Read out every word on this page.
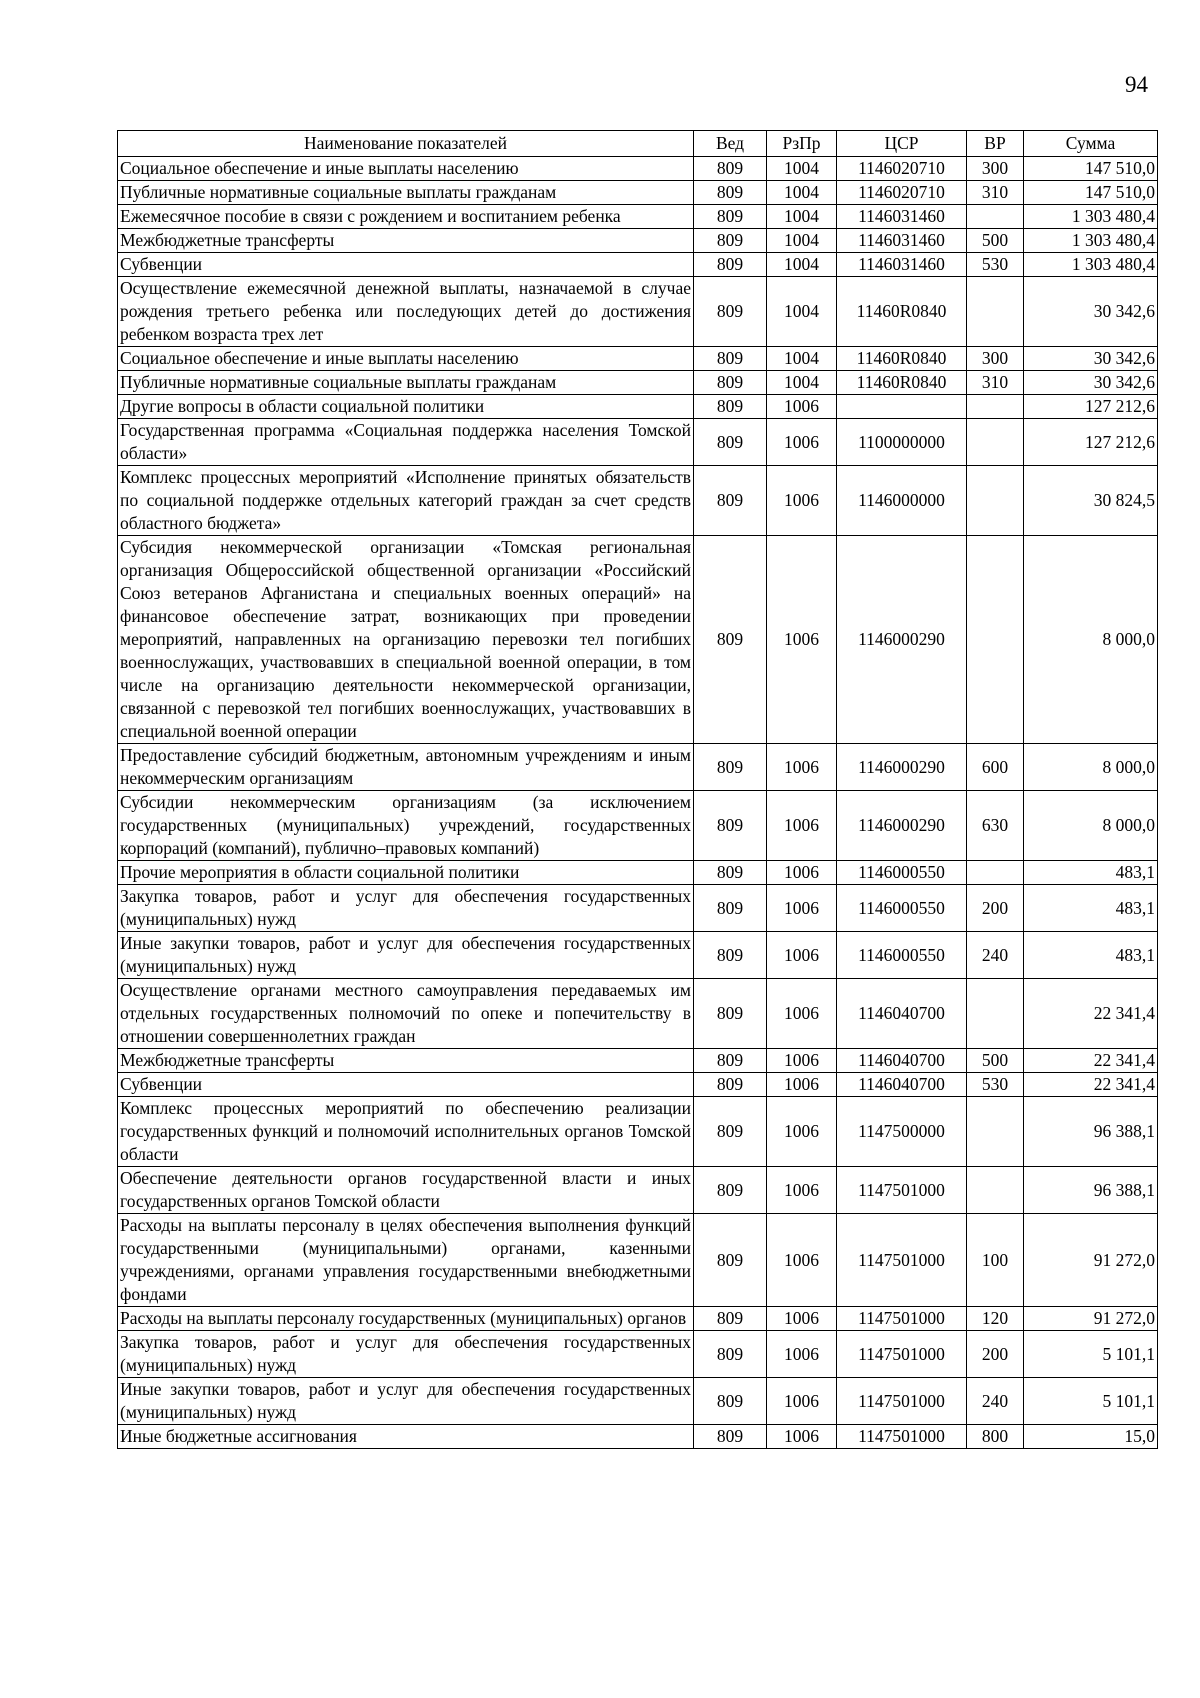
94
Наименование показателей	Вед	РзПр	ЦСР	ВР	Сумма
Социальное обеспечение и иные выплаты населению	809	1004	1146020710	300	147 510,0
Публичные нормативные социальные выплаты гражданам	809	1004	1146020710	310	147 510,0
Ежемесячное пособие в связи с рождением и воспитанием ребенка	809	1004	1146031460		1 303 480,4
Межбюджетные трансферты	809	1004	1146031460	500	1 303 480,4
Субвенции	809	1004	1146031460	530	1 303 480,4
Осуществление ежемесячной денежной выплаты, назначаемой в случае рождения третьего ребенка или последующих детей до достижения ребенком возраста трех лет	809	1004	11460R0840		30 342,6
Социальное обеспечение и иные выплаты населению	809	1004	11460R0840	300	30 342,6
Публичные нормативные социальные выплаты гражданам	809	1004	11460R0840	310	30 342,6
Другие вопросы в области социальной политики	809	1006			127 212,6
Государственная программа «Социальная поддержка населения Томской области»	809	1006	1100000000		127 212,6
Комплекс процессных мероприятий «Исполнение принятых обязательств по социальной поддержке отдельных категорий граждан за счет средств областного бюджета»	809	1006	1146000000		30 824,5
Субсидия некоммерческой организации «Томская региональная организация Общероссийской общественной организации «Российский Союз ветеранов Афганистана и специальных военных операций» на финансовое обеспечение затрат, возникающих при проведении мероприятий, направленных на организацию перевозки тел погибших военнослужащих, участвовавших в специальной военной операции, в том числе на организацию деятельности некоммерческой организации, связанной с перевозкой тел погибших военнослужащих, участвовавших в специальной военной операции	809	1006	1146000290		8 000,0
Предоставление субсидий бюджетным, автономным учреждениям и иным некоммерческим организациям	809	1006	1146000290	600	8 000,0
Субсидии некоммерческим организациям (за исключением государственных (муниципальных) учреждений, государственных корпораций (компаний), публично–правовых компаний)	809	1006	1146000290	630	8 000,0
Прочие мероприятия в области социальной политики	809	1006	1146000550		483,1
Закупка товаров, работ и услуг для обеспечения государственных (муниципальных) нужд	809	1006	1146000550	200	483,1
Иные закупки товаров, работ и услуг для обеспечения государственных (муниципальных) нужд	809	1006	1146000550	240	483,1
Осуществление органами местного самоуправления передаваемых им отдельных государственных полномочий по опеке и попечительству в отношении совершеннолетних граждан	809	1006	1146040700		22 341,4
Межбюджетные трансферты	809	1006	1146040700	500	22 341,4
Субвенции	809	1006	1146040700	530	22 341,4
Комплекс процессных мероприятий по обеспечению реализации государственных функций и полномочий исполнительных органов Томской области	809	1006	1147500000		96 388,1
Обеспечение деятельности органов государственной власти и иных государственных органов Томской области	809	1006	1147501000		96 388,1
Расходы на выплаты персоналу в целях обеспечения выполнения функций государственными (муниципальными) органами, казенными учреждениями, органами управления государственными внебюджетными фондами	809	1006	1147501000	100	91 272,0
Расходы на выплаты персоналу государственных (муниципальных) органов	809	1006	1147501000	120	91 272,0
Закупка товаров, работ и услуг для обеспечения государственных (муниципальных) нужд	809	1006	1147501000	200	5 101,1
Иные закупки товаров, работ и услуг для обеспечения государственных (муниципальных) нужд	809	1006	1147501000	240	5 101,1
Иные бюджетные ассигнования	809	1006	1147501000	800	15,0
